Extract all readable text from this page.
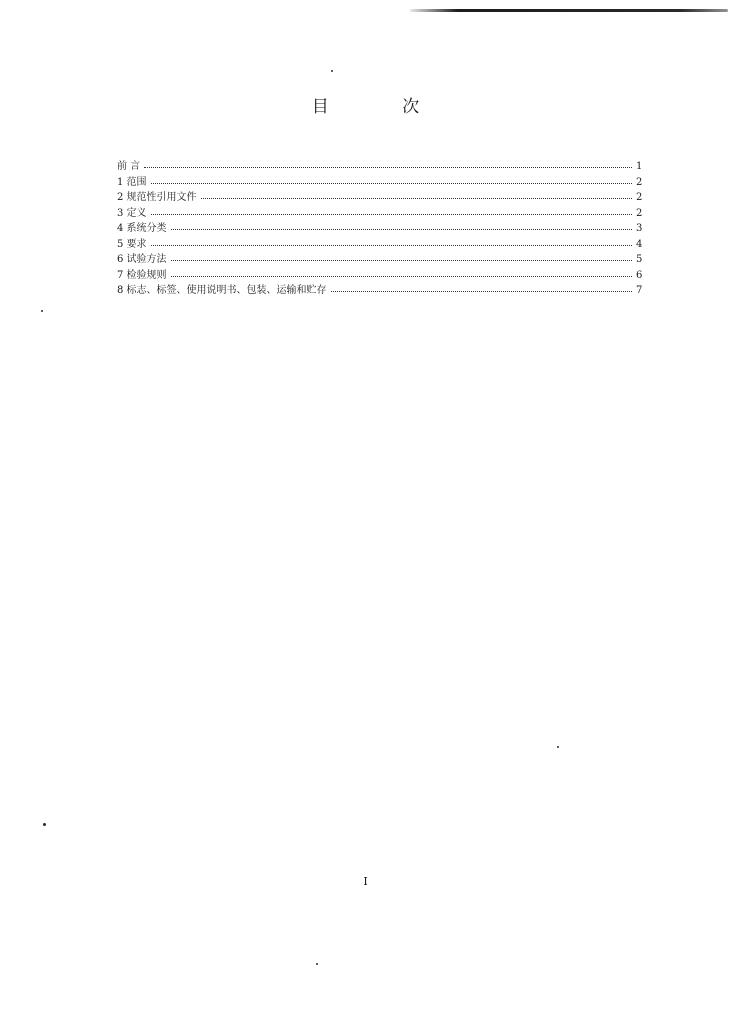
目 次
前 言	1
1 范围	2
2 规范性引用文件	2
3 定义	2
4 系统分类	3
5 要求	4
6 试验方法	5
7 检验规则	6
8 标志、标签、使用说明书、包装、运输和贮存	7
I
